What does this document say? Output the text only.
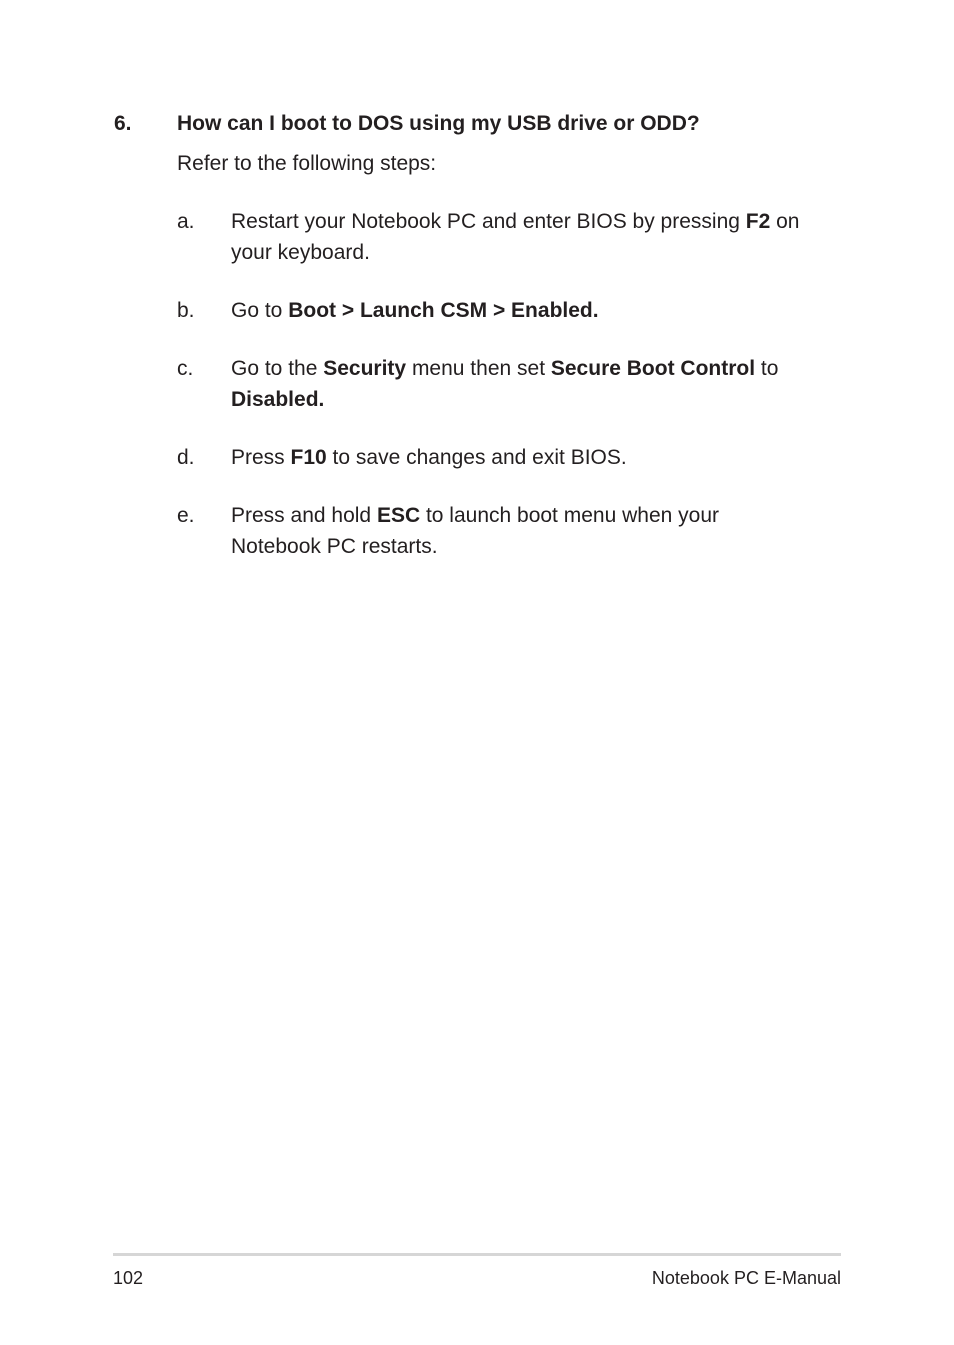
6. How can I boot to DOS using my USB drive or ODD?
Refer to the following steps:
a. Restart your Notebook PC and enter BIOS by pressing F2 on your keyboard.
b. Go to Boot > Launch CSM > Enabled.
c. Go to the Security menu then set Secure Boot Control to
Disabled.
d. Press F10 to save changes and exit BIOS.
e. Press and hold ESC to launch boot menu when your Notebook PC restarts.
102	Notebook PC E-Manual
